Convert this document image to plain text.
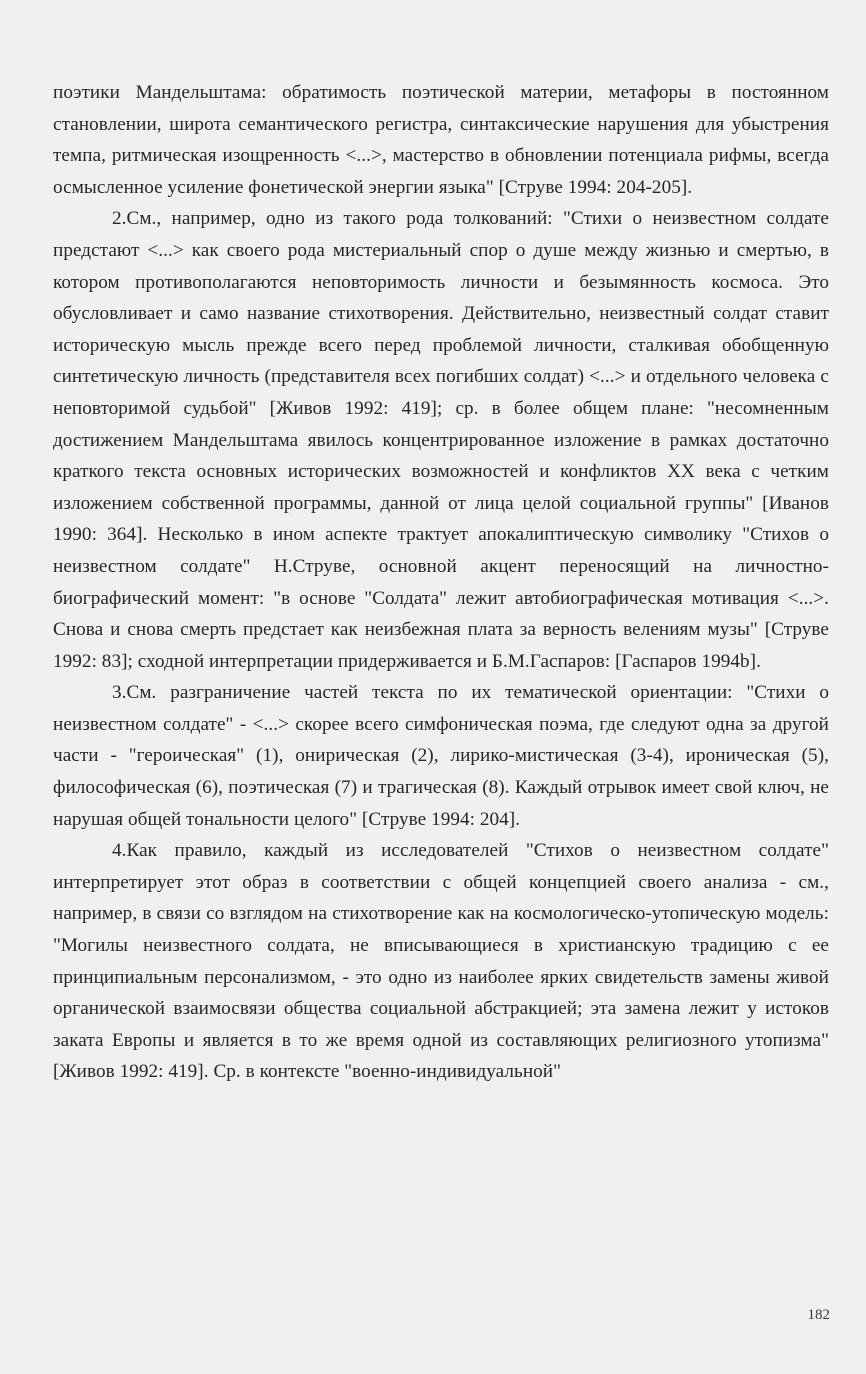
поэтики Мандельштама: обратимость поэтической материи, метафоры в постоянном становлении, широта семантического регистра, синтаксические нарушения для убыстрения темпа, ритмическая изощренность <...>, мастерство в обновлении потенциала рифмы, всегда осмысленное усиление фонетической энергии языка" [Струве 1994: 204-205].

2.См., например, одно из такого рода толкований: "Стихи о неизвестном солдате предстают <...> как своего рода мистериальный спор о душе между жизнью и смертью, в котором противополагаются неповторимость личности и безымянность космоса. Это обусловливает и само название стихотворения. Действительно, неизвестный солдат ставит историческую мысль прежде всего перед проблемой личности, сталкивая обобщенную синтетическую личность (представителя всех погибших солдат) <...> и отдельного человека с неповторимой судьбой" [Живов 1992: 419]; ср. в более общем плане: "несомненным достижением Мандельштама явилось концентрированное изложение в рамках достаточно краткого текста основных исторических возможностей и конфликтов XX века с четким изложением собственной программы, данной от лица целой социальной группы" [Иванов 1990: 364]. Несколько в ином аспекте трактует апокалиптическую символику "Стихов о неизвестном солдате" Н.Струве, основной акцент переносящий на личностно-биографический момент: "в основе "Солдата" лежит автобиографическая мотивация <...>. Снова и снова смерть предстает как неизбежная плата за верность велениям музы" [Струве 1992: 83]; сходной интерпретации придерживается и Б.М.Гаспаров: [Гаспаров 1994b].

3.См. разграничение частей текста по их тематической ориентации: "Стихи о неизвестном солдате" - <...> скорее всего симфоническая поэма, где следуют одна за другой части - "героическая" (1), онирическая (2), лирико-мистическая (3-4), ироническая (5), философическая (6), поэтическая (7) и трагическая (8). Каждый отрывок имеет свой ключ, не нарушая общей тональности целого" [Струве 1994: 204].

4.Как правило, каждый из исследователей "Стихов о неизвестном солдате" интерпретирует этот образ в соответствии с общей концепцией своего анализа - см., например, в связи со взглядом на стихотворение как на космологическо-утопическую модель: "Могилы неизвестного солдата, не вписывающиеся в христианскую традицию с ее принципиальным персонализмом, - это одно из наиболее ярких свидетельств замены живой органической взаимосвязи общества социальной абстракцией; эта замена лежит у истоков заката Европы и является в то же время одной из составляющих религиозного утопизма" [Живов 1992: 419]. Ср. в контексте "военно-индивидуальной"

182
